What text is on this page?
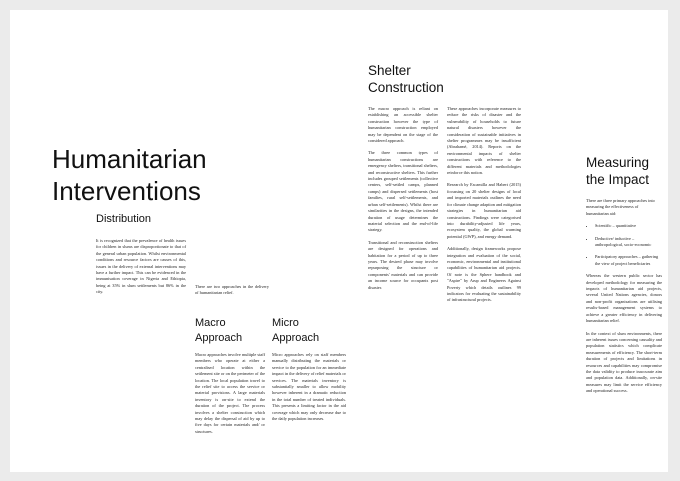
Humanitarian
Interventions
Distribution

It is recognized that the prevalence of health issues for children in slums are disproportionate to that of the general urban population. Whilst environmental conditions and resource factors are causes of this, issues in the delivery of external interventions may have a further impact. This can be evidenced in the immunisation coverage in Nigeria and Ethiopia, being at 35% in slum settlements but 86% in the city.

There are two approaches in the delivery of humanitarian relief.

Macro
Approach

Macro approaches involve multiple staff members who operate at either a centralised location within the settlement site or on the perimeter of the location. The local population travel to the relief site to access the service or material provisions. A large materials inventory is on-site to extend the duration of the project. The process involves a shelter construction which may delay the dispersal of aid by up to five days for certain materials and/ or structures.

Micro
Approach

Micro approaches rely on staff members manually distributing the materials or service to the population for an immediate impact in the delivery of relief materials or services. The materials inventory is substantially smaller to allow mobility however inherent in a dramatic reduction in the total number of treated individuals. This presents a limiting factor in the aid coverage which may only decrease due to the daily population increases.

Shelter
Construction

The macro approach is reliant on establishing an accessible shelter construction however the type of humanitarian construction employed may be dependent on the stage of the considered approach.

The three common types of humanitarian constructions are emergency shelters, transitional shelters, and reconstructive shelters. This further includes grouped settlements (collective centers, self-settled camps, planned camps) and dispersed settlements (host families, rural self-settlements, and urban self-settlements). Whilst there are similarities in the designs, the intended duration of usage determines the material selection and the end-of-life strategy.

Transitional and reconstruction shelters are designed for operations and habitation for a period of up to three years. The desired phase may involve repurposing the structure or components' materials and can provide an income source for occupants post disaster.

These approaches incorporate measures to reduce the risks of disaster and the vulnerability of households to future natural disasters however the consideration of sustainable initiatives in shelter programmes may be insufficient (Abrahamé, 2014). Reports on the environmental impacts of shelter constructions with reference to the different materials and methodologies reinforce this notion.

Research by Escamilla and Habert (2015) focussing on 20 shelter designs of local and imported materials outlines the need for climate change adaption and mitigation strategies in humanitarian aid constructions. Findings were categorised into durability-adjusted life years, ecosystem quality, the global warming potential (GWP), and energy demand.

Additionally, design frameworks propose integration and evaluation of the social, economic, environmental and institutional capabilities of humanitarian aid projects. Of note is the Sphere handbook and "Aspire" by Arup and Engineers Against Poverty which details outlines 99 indicators for evaluating the sustainability of infrastructural projects.

Measuring
the Impact

There are three primary approaches into measuring the effectiveness of humanitarian aid:

• Scientific – quantitative
• Deductive/ inductive – anthropological, socio-economic
• Participatory approaches – gathering the view of project beneficiaries

Whereas the western public sector has developed methodology for measuring the impacts of humanitarian aid projects, several United Nations agencies, donors and non-profit organisations are utilising results-based management systems to achieve a greater efficiency in delivering humanitarian relief.

In the context of slum environments, there are inherent issues concerning causality and population statistics which complicate measurements of efficiency. The short-term duration of projects and limitations in resources and capabilities may compromise the data validity to produce inaccurate aim and population data. Additionally, on-site measures may limit the service efficiency and operational success.
